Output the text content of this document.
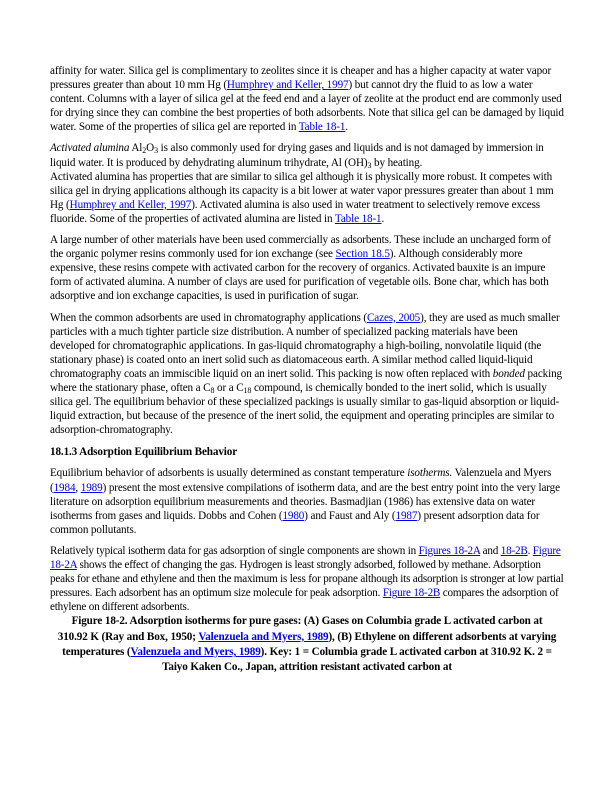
affinity for water. Silica gel is complimentary to zeolites since it is cheaper and has a higher capacity at water vapor pressures greater than about 10 mm Hg (Humphrey and Keller, 1997) but cannot dry the fluid to as low a water content. Columns with a layer of silica gel at the feed end and a layer of zeolite at the product end are commonly used for drying since they can combine the best properties of both adsorbents. Note that silica gel can be damaged by liquid water. Some of the properties of silica gel are reported in Table 18-1.

Activated alumina $Al_2O_3$ is also commonly used for drying gases and liquids and is not damaged by immersion in liquid water. It is produced by dehydrating aluminum trihydrate, Al $(OH)_3$ by heating.

Activated alumina has properties that are similar to silica gel although it is physically more robust. It competes with silica gel in drying applications although its capacity is a bit lower at water vapor pressures greater than about 1 mm Hg (Humphrey and Keller, 1997). Activated alumina is also used in water treatment to selectively remove excess fluoride. Some of the properties of activated alumina are listed in Table 18-1.

A large number of other materials have been used commercially as adsorbents. These include an uncharged form of the organic polymer resins commonly used for ion exchange (see Section 18.5). Although considerably more expensive, these resins compete with activated carbon for the recovery of organics. Activated bauxite is an impure form of activated alumina. A number of clays are used for purification of vegetable oils. Bone char, which has both adsorptive and ion exchange capacities, is used in purification of sugar.

When the common adsorbents are used in chromatography applications (Cazes, 2005), they are used as much smaller particles with a much tighter particle size distribution. A number of specialized packing materials have been developed for chromatographic applications. In gas-liquid chromatography a high-boiling, nonvolatile liquid (the stationary phase) is coated onto an inert solid such as diatomaceous earth. A similar method called liquid-liquid chromatography coats an immiscible liquid on an inert solid. This packing is now often replaced with bonded packing where the stationary phase, often a $C_8$ or a $C_{18}$ compound, is chemically bonded to the inert solid, which is usually silica gel. The equilibrium behavior of these specialized packings is usually similar to gas-liquid absorption or liquid-liquid extraction, but because of the presence of the inert solid, the equipment and operating principles are similar to adsorption-chromatography.

18.1.3 Adsorption Equilibrium Behavior

Equilibrium behavior of adsorbents is usually determined as constant temperature isotherms. Valenzuela and Myers (1984, 1989) present the most extensive compilations of isotherm data, and are the best entry point into the very large literature on adsorption equilibrium measurements and theories. Basmadjian (1986) has extensive data on water isotherms from gases and liquids. Dobbs and Cohen (1980) and Faust and Aly (1987) present adsorption data for common pollutants.

Relatively typical isotherm data for gas adsorption of single components are shown in Figures 18-2A and 18-2B. Figure 18-2A shows the effect of changing the gas. Hydrogen is least strongly adsorbed, followed by methane. Adsorption peaks for ethane and ethylene and then the maximum is less for propane although its adsorption is stronger at low partial pressures. Each adsorbent has an optimum size molecule for peak adsorption. Figure 18-2B compares the adsorption of ethylene on different adsorbents.

Figure 18-2. Adsorption isotherms for pure gases: (A) Gases on Columbia grade L activated carbon at 310.92 K (Ray and Box, 1950; Valenzuela and Myers, 1989), (B) Ethylene on different adsorbents at varying temperatures (Valenzuela and Myers, 1989). Key: 1 = Columbia grade L activated carbon at 310.92 K. 2 = Taiyo Kaken Co., Japan, attrition resistant activated carbon at
